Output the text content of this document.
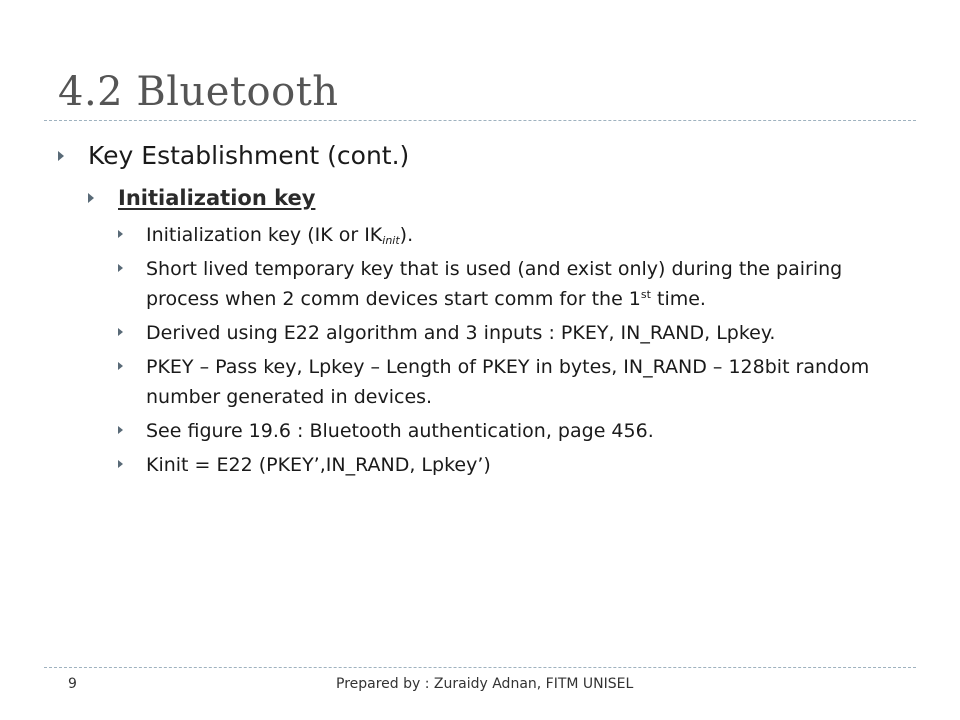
4.2 Bluetooth
Key Establishment (cont.)
Initialization key
Initialization key (IK or $IK_{init}$).
Short lived temporary key that is used (and exist only) during the pairing process when 2 comm devices start comm for the 1st time.
Derived using E22 algorithm and 3 inputs : PKEY, IN_RAND, Lpkey.
PKEY – Pass key, Lpkey – Length of PKEY in bytes, IN_RAND – 128bit random number generated in devices.
See figure 19.6 : Bluetooth authentication, page 456.
Kinit = E22 (PKEY’,IN_RAND, Lpkey’)
9	Prepared by : Zuraidy Adnan, FITM UNISEL
